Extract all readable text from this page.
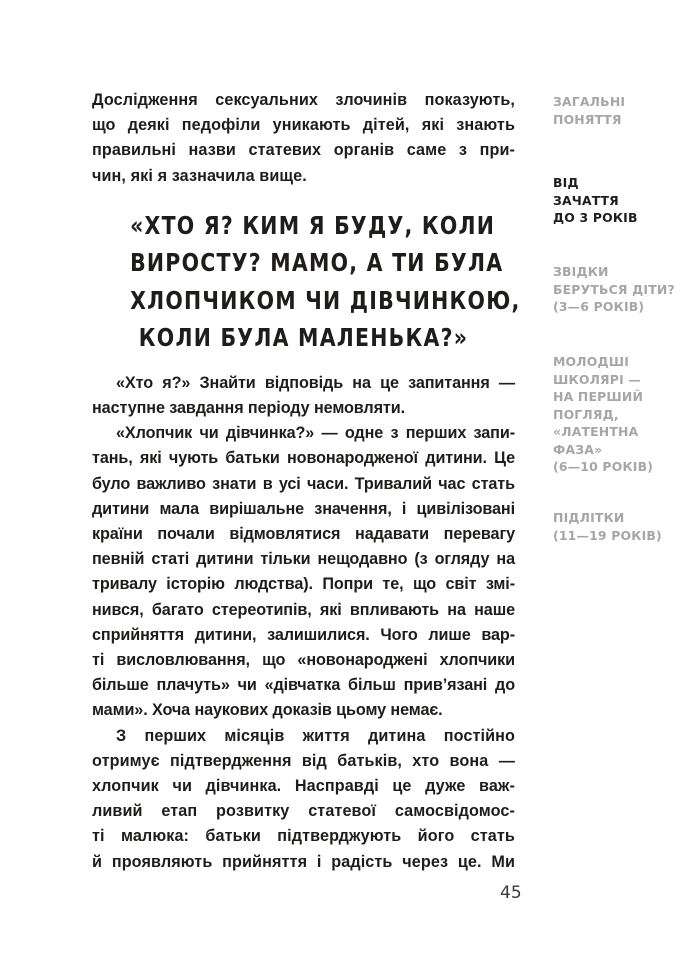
Дослідження сексуальних злочинів показують,
що деякі педофіли уникають дітей, які знають
правильні назви статевих органів саме з при-
чин, які я зазначила вище.

«ХТО Я? КИМ Я БУДУ, КОЛИ
ВИРОСТУ? МАМО, А ТИ БУЛА
ХЛОПЧИКОМ ЧИ ДІВЧИНКОЮ,
КОЛИ БУЛА МАЛЕНЬКА?»

«Хто я?» Знайти відповідь на це запитання —
наступне завдання періоду немовляти.

«Хлопчик чи дівчинка?» — одне з перших запи-
тань, які чують батьки новонародженої дитини. Це
було важливо знати в усі часи. Тривалий час стать
дитини мала вирішальне значення, і цивілізовані
країни почали відмовлятися надавати перевагу
певній статі дитини тільки нещодавно (з огляду на
тривалу історію людства). Попри те, що світ змі-
нився, багато стереотипів, які впливають на наше
сприйняття дитини, залишилися. Чого лише вар-
ті висловлювання, що «новонароджені хлопчики
більше плачуть» чи «дівчатка більш прив’язані до
мами». Хоча наукових доказів цьому немає.

З перших місяців життя дитина постійно
отримує підтвердження від батьків, хто вона —
хлопчик чи дівчинка. Насправді це дуже важ-
ливий етап розвитку статевої самосвідомос-
ті малюка: батьки підтверджують його стать
й проявляють прийняття і радість через це. Ми

ЗАГАЛЬНІ
ПОНЯТТЯ
ВІД
ЗАЧАТТЯ
ДО 3 РОКІВ
ЗВІДКИ
БЕРУТЬСЯ ДІТИ?
(3—6 РОКІВ)
МОЛОДШІ
ШКОЛЯРІ —
НА ПЕРШИЙ
ПОГЛЯД,
«ЛАТЕНТНА
ФАЗА»
(6—10 РОКІВ)
ПІДЛІТКИ
(11—19 РОКІВ)
45
